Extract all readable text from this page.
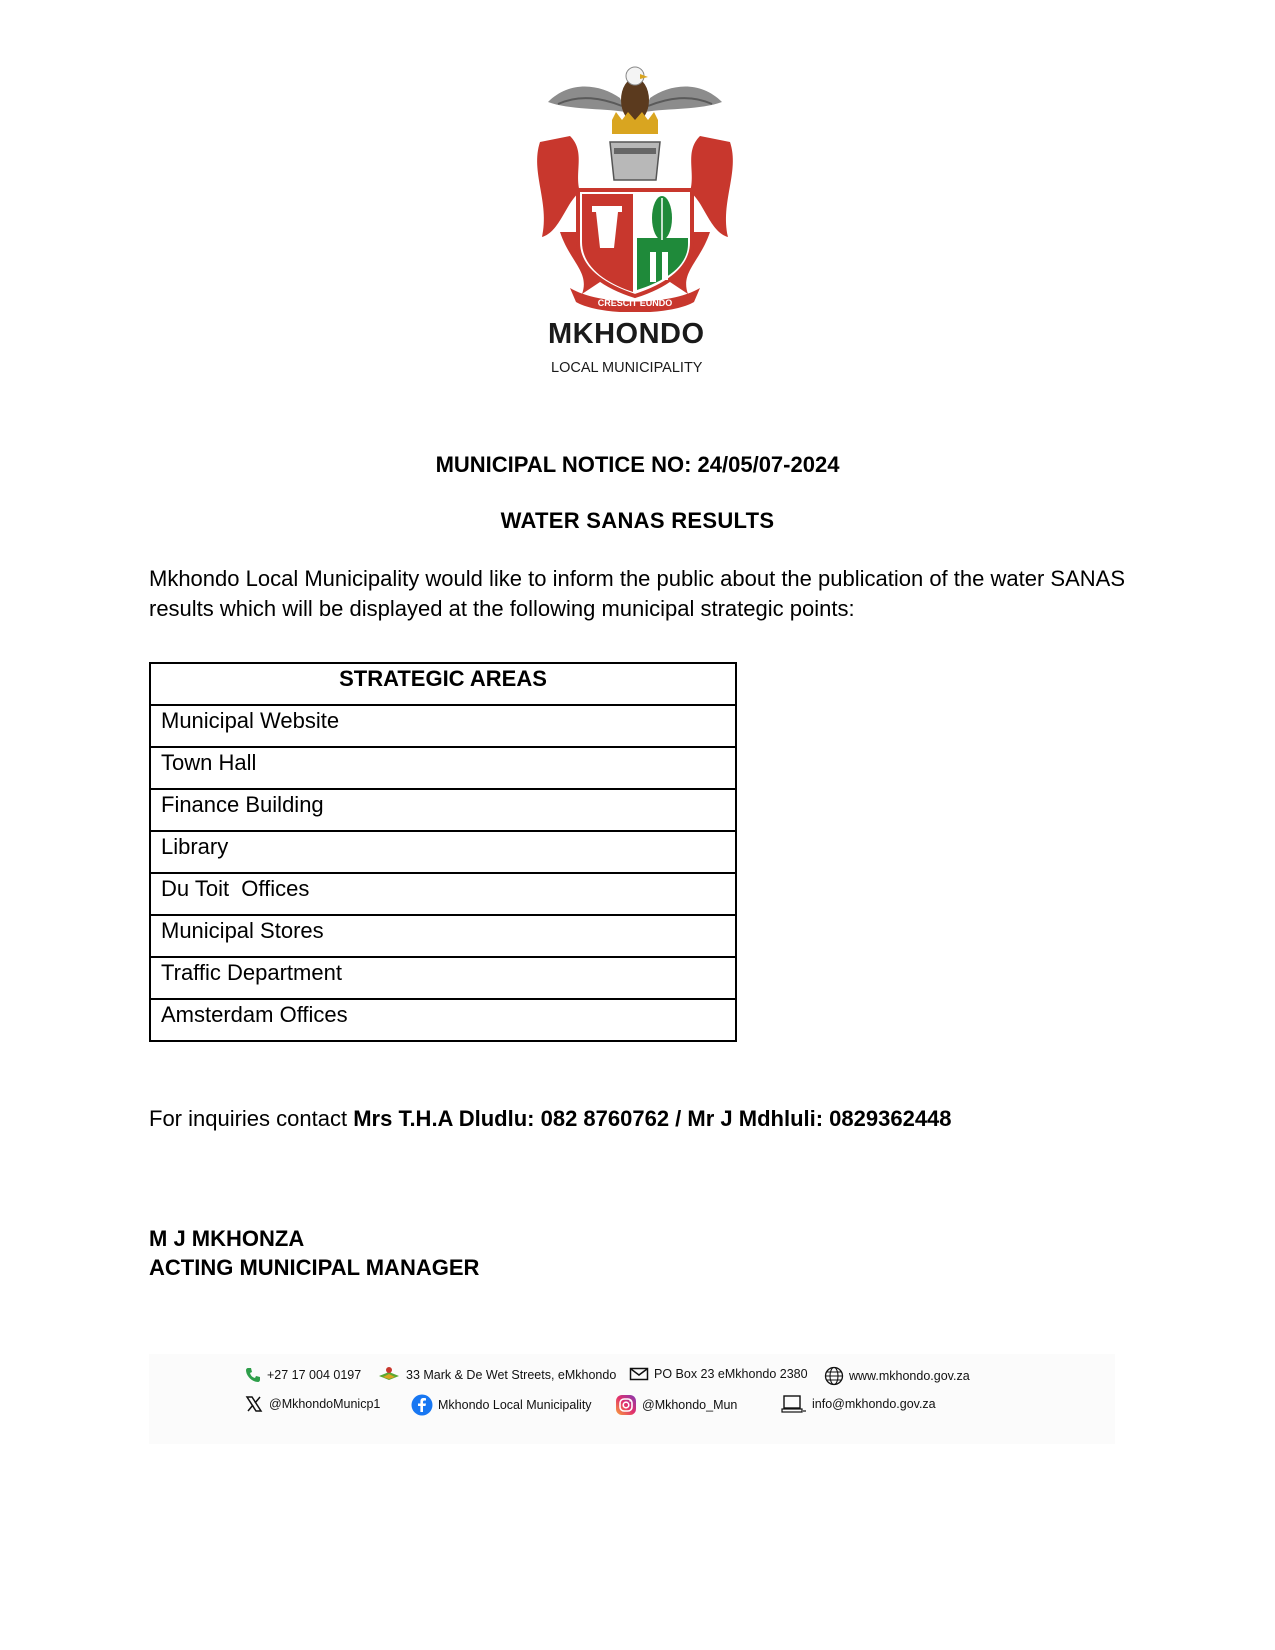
CRESCIT EUNDO
MKHONDO
LOCAL MUNICIPALITY
MUNICIPAL NOTICE NO: 24/05/07-2024
WATER SANAS RESULTS
Mkhondo Local Municipality would like to inform the public about the publication of the water SANAS results which will be displayed at the following municipal strategic points:
STRATEGIC AREAS
Municipal Website
Town Hall
Finance Building
Library
Du Toit  Offices
Municipal Stores
Traffic Department
Amsterdam Offices
For inquiries contact Mrs T.H.A Dludlu: 082 8760762 / Mr J Mdhluli: 0829362448
M J MKHONZA
ACTING MUNICIPAL MANAGER
+27 17 004 0197	33 Mark & De Wet Streets, eMkhondo	PO Box 23 eMkhondo 2380	www.mkhondo.gov.za
@MkhondoMunicp1	Mkhondo Local Municipality	@Mkhondo_Mun	info@mkhondo.gov.za
